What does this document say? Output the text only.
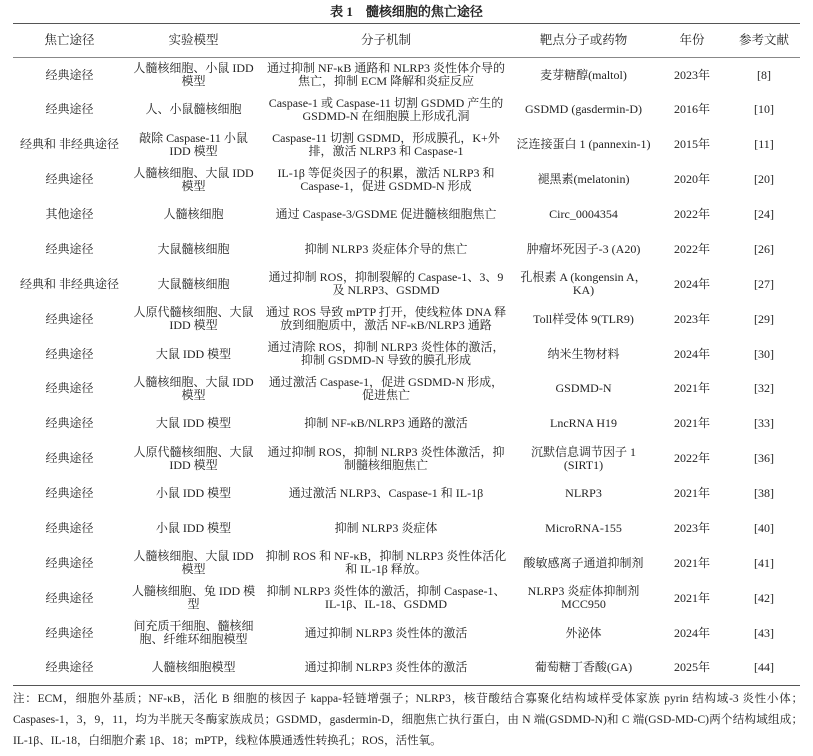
表 1　髓核细胞的焦亡途径
焦亡途径	实验模型	分子机制	靶点分子或药物	年份	参考文献
经典途径	人髓核细胞、小鼠 IDD 模型	通过抑制 NF-κB 通路和 NLRP3 炎性体介导的焦亡，抑制 ECM 降解和炎症反应	麦芽糖醇(maltol)	2023年	[8]
经典途径	人、小鼠髓核细胞	Caspase-1 或 Caspase-11 切割 GSDMD 产生的 GSDMD-N 在细胞膜上形成孔洞	GSDMD (gasdermin-D)	2016年	[10]
经典和 非经典途径	敲除 Caspase-11 小鼠 IDD 模型	Caspase-11 切割 GSDMD，形成膜孔，K+外排，激活 NLRP3 和 Caspase-1	泛连接蛋白 1 (pannexin-1)	2015年	[11]
经典途径	人髓核细胞、大鼠 IDD 模型	IL-1β 等促炎因子的积累，激活 NLRP3 和 Caspase-1，促进 GSDMD-N 形成	褪黑素(melatonin)	2020年	[20]
其他途径	人髓核细胞	通过 Caspase-3/GSDME 促进髓核细胞焦亡	Circ_0004354	2022年	[24]
经典途径	大鼠髓核细胞	抑制 NLRP3 炎症体介导的焦亡	肿瘤坏死因子-3 (A20)	2022年	[26]
经典和 非经典途径	大鼠髓核细胞	通过抑制 ROS，抑制裂解的 Caspase-1、3、9 及 NLRP3、GSDMD	孔根素 A (kongensin A，KA)	2024年	[27]
经典途径	人原代髓核细胞、大鼠 IDD 模型	通过 ROS 导致 mPTP 打开，使线粒体 DNA 释放到细胞质中，激活 NF-κB/NLRP3 通路	Toll样受体 9(TLR9)	2023年	[29]
经典途径	大鼠 IDD 模型	通过清除 ROS，抑制 NLRP3 炎性体的激活，抑制 GSDMD-N 导致的膜孔形成	纳米生物材料	2024年	[30]
经典途径	人髓核细胞、大鼠 IDD 模型	通过激活 Caspase-1，促进 GSDMD-N 形成，促进焦亡	GSDMD-N	2021年	[32]
经典途径	大鼠 IDD 模型	抑制 NF-κB/NLRP3 通路的激活	LncRNA H19	2021年	[33]
经典途径	人原代髓核细胞、大鼠 IDD 模型	通过抑制 ROS，抑制 NLRP3 炎性体激活，抑制髓核细胞焦亡	沉默信息调节因子 1 (SIRT1)	2022年	[36]
经典途径	小鼠 IDD 模型	通过激活 NLRP3、Caspase-1 和 IL-1β	NLRP3	2021年	[38]
经典途径	小鼠 IDD 模型	抑制 NLRP3 炎症体	MicroRNA-155	2023年	[40]
经典途径	人髓核细胞、大鼠 IDD 模型	抑制 ROS 和 NF-κB，抑制 NLRP3 炎性体活化和 IL-1β 释放。	酸敏感离子通道抑制剂	2021年	[41]
经典途径	人髓核细胞、兔 IDD 模型	抑制 NLRP3 炎性体的激活，抑制 Caspase-1、IL-1β、IL-18、GSDMD	NLRP3 炎症体抑制剂 MCC950	2021年	[42]
经典途径	间充质干细胞、髓核细胞、纤维环细胞模型	通过抑制 NLRP3 炎性体的激活	外泌体	2024年	[43]
经典途径	人髓核细胞模型	通过抑制 NLRP3 炎性体的激活	葡萄糖丁香酸(GA)	2025年	[44]
注：ECM，细胞外基质；NF-κB，活化 B 细胞的核因子 kappa-轻链增强子；NLRP3，核苷酸结合寡聚化结构域样受体家族 pyrin 结构域-3 炎性小体；Caspases-1，3，9，11，均为半胱天冬酶家族成员；GSDMD，gasdermin-D，细胞焦亡执行蛋白，由 N 端(GSDMD-N)和 C 端(GSD-MD-C)两个结构域组成；IL-1β、IL-18，白细胞介素 1β、18；mPTP，线粒体膜通透性转换孔；ROS，活性氧。
